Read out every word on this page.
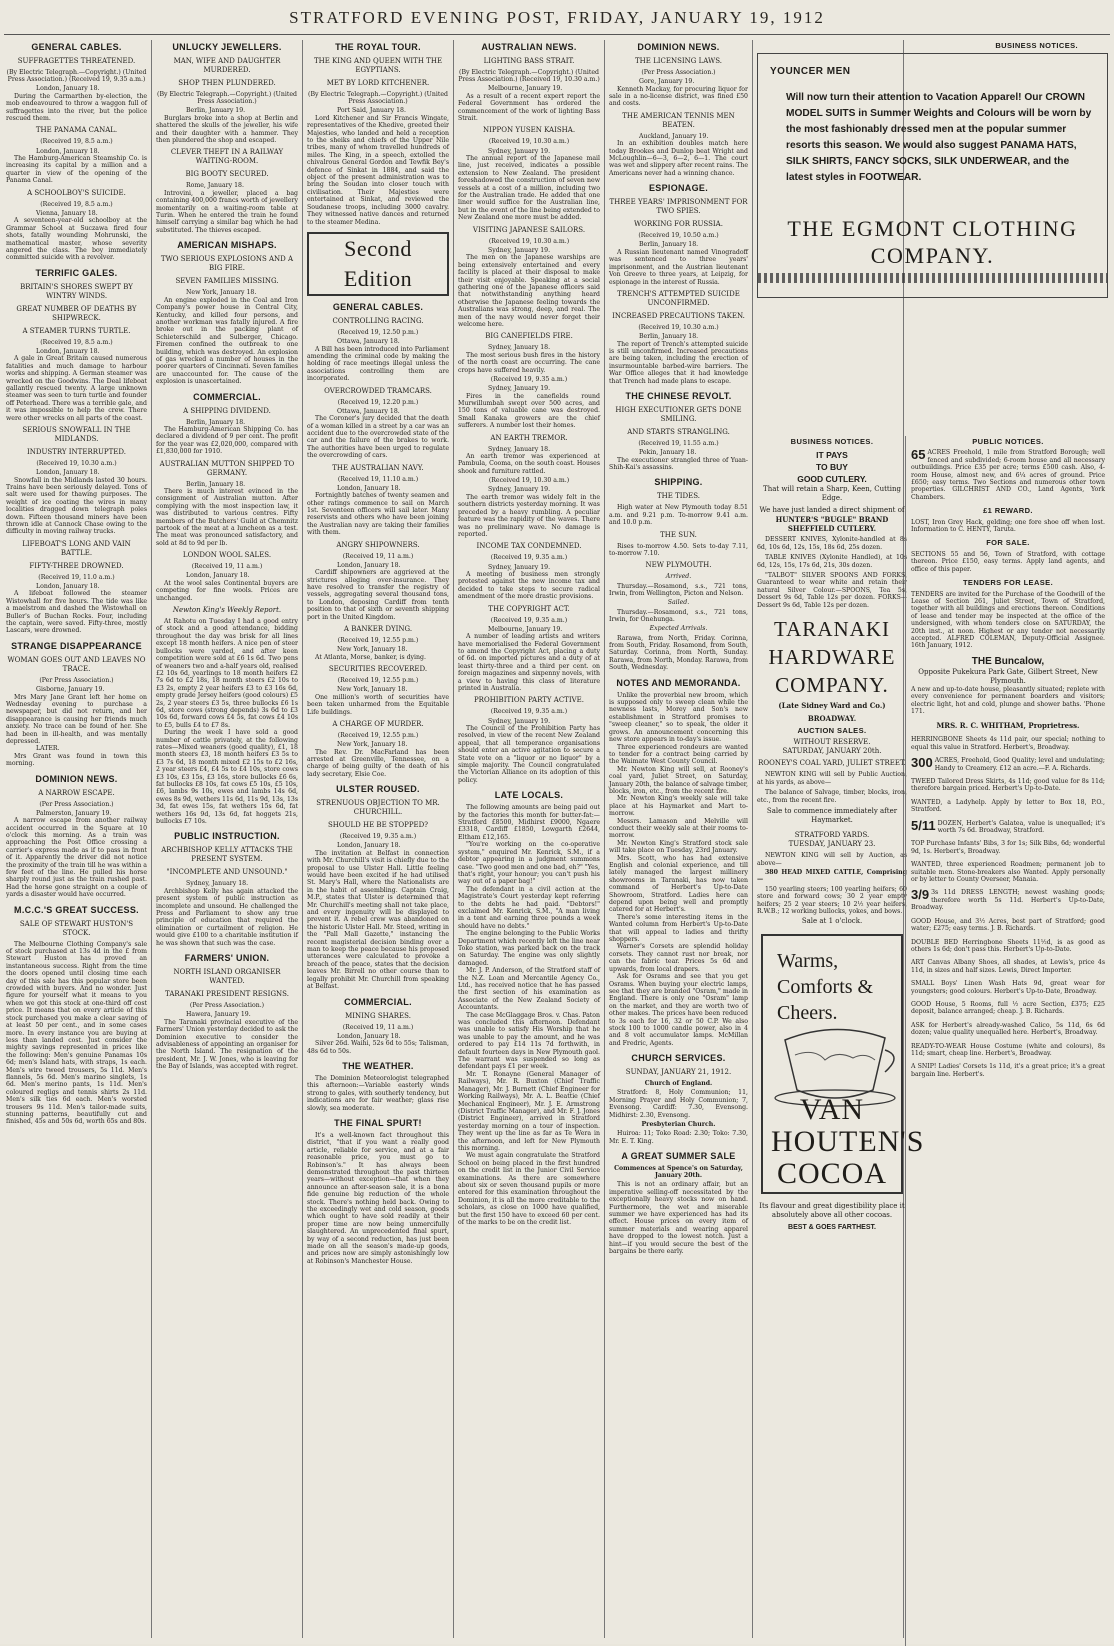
STRATFORD EVENING POST, FRIDAY, JANUARY 19, 1912
GENERAL CABLES.
SUFFRAGETTES THREATENED.
(By Electric Telegraph.—Copyright.) (United Press Association.) (Received 19, 9.35 a.m.)
London, January 18.
During the Carmarthen by-election, the mob endeavoured to throw a waggon full of suffragettes into the river, but the police rescued them.
THE PANAMA CANAL.
(Received 19, 8.5 a.m.)
London, January 18.
The Hamburg-American Steamship Co. is increasing its capital by a million and a quarter in view of the opening of the Panama Canal.
A SCHOOLBOY'S SUICIDE.
(Received 19, 8.5 a.m.)
Vienna, January 18.
A seventeen-year-old schoolboy at the Grammar School at Suczawa fired four shots, fatally wounding Mohrunski, the mathematical master, whose severity angered the class. The boy immediately committed suicide with a revolver.
TERRIFIC GALES.
BRITAIN'S SHORES SWEPT BY WINTRY WINDS.
GREAT NUMBER OF DEATHS BY SHIPWRECK.
A STEAMER TURNS TURTLE.
(Received 19, 8.5 a.m.)
London, January 18.
A gale in Great Britain caused numerous fatalities and much damage to harbour works and shipping. A German steamer was wrecked on the Goodwins. The Deal lifeboat gallantly rescued twenty. A large unknown steamer was seen to turn turtle and founder off Peterhead. There was a terrible gale, and it was impossible to help the crew. There were other wrecks on all parts of the coast.
SERIOUS SNOWFALL IN THE MIDLANDS.
INDUSTRY INTERRUPTED.
(Received 19, 10.30 a.m.)
London, January 18.
Snowfall in the Midlands lasted 30 hours. Trains have been seriously delayed. Tons of salt were used for thawing purposes. The weight of ice coating the wires in many localities dragged down telegraph poles down. Fifteen thousand miners have been thrown idle at Cannock Chase owing to the difficulty in moving railway trucks.
LIFEBOAT'S LONG AND VAIN BATTLE.
FIFTY-THREE DROWNED.
(Received 19, 11.0 a.m.)
London, January 18.
A lifeboat followed the steamer Wistowhall for five hours. The tide was like a maelstrom and dashed the Wistowhall on Buller's of Buchan Rocks. Four, including the captain, were saved. Fifty-three, mostly Lascars, were drowned.
STRANGE DISAPPEARANCE
WOMAN GOES OUT AND LEAVES NO TRACE.
(Per Press Association.)
Gisborne, January 19.
Mrs Mary Jane Grant left her home on Wednesday evening to purchase a newspaper, but did not return, and her disappearance is causing her friends much anxiety. No trace can be found of her. She had been in ill-health, and was mentally depressed.
LATER.
Mrs Grant was found in town this morning.
DOMINION NEWS.
A NARROW ESCAPE.
(Per Press Association.)
Palmerston, January 19.
A narrow escape from another railway accident occurred in the Square at 10 o'clock this morning. As a train was approaching the Post Office crossing a carrier's express made as if to pass in front of it. Apparently the driver did not notice the proximity of the train till he was within a few feet of the line. He pulled his horse sharply round just as the train rushed past. Had the horse gone straight on a couple of yards a disaster would have occurred.
M.C.C.'S GREAT SUCCESS.
SALE OF STEWART HUSTON'S STOCK.
The Melbourne Clothing Company's sale of stock purchased at 13s 4d in the £ from Stewart Huston has proved an instantaneous success. Right from the time the doors opened until closing time each day of this sale has this popular store been crowded with buyers. And no wonder. Just figure for yourself what it means to you when we got this stock at one-third off cost price. It means that on every article of this stock purchased you make a clear saving of at least 50 per cent., and in some cases more. In every instance you are buying at less than landed cost. Just consider the mighty savings represented in prices like the following: Men's genuine Panamas 10s 6d; men's Island hats, with straps, 1s each. Men's wire tweed trousers, 5s 11d. Men's flannels, 5s 6d. Men's marino singlets, 1s 6d. Men's merino pants, 1s 11d. Men's coloured regligs and tennis shirts 2s 11d. Men's silk ties 6d each. Men's worsted trousers 9s 11d. Men's tailor-made suits, stunning patterns, beautifully cut and finished, 45s and 50s 6d, worth 65s and 80s.
UNLUCKY JEWELLERS.
MAN, WIFE AND DAUGHTER MURDERED.
SHOP THEN PLUNDERED.
(By Electric Telegraph.—Copyright.) (United Press Association.)
Berlin, January 19.
Burglars broke into a shop at Berlin and shattered the skulls of the jeweller, his wife and their daughter with a hammer. They then plundered the shop and escaped.
CLEVER THEFT IN A RAILWAY WAITING-ROOM.
BIG BOOTY SECURED.
Rome, January 18.
Introvini, a jeweller, placed a bag containing 400,000 francs worth of jewellery momentarily on a waiting-room table at Turin. When he entered the train he found himself carrying a similar bag which he had substituted. The thieves escaped.
AMERICAN MISHAPS.
TWO SERIOUS EXPLOSIONS AND A BIG FIRE.
SEVEN FAMILIES MISSING.
New York, January 18.
An engine exploded in the Coal and Iron Company's power house in Central City, Kentucky, and killed four persons, and another workman was fatally injured. A fire broke out in the packing plant of Schieterschild and Sulberger, Chicago. Firemen confined the outbreak to one building, which was destroyed. An explosion of gas wrecked a number of houses in the poorer quarters of Cincinnati. Seven families are unaccounted for. The cause of the explosion is unascertained.
COMMERCIAL.
A SHIPPING DIVIDEND.
Berlin, January 18.
The Hamburg-American Shipping Co. has declared a dividend of 9 per cent. The profit for the year was £2,020,000, compared with £1,830,000 for 1910.
AUSTRALIAN MUTTON SHIPPED TO GERMANY.
Berlin, January 18.
There is much interest evinced in the consignment of Australian mutton. After complying with the most inspection law, it was distributed to various centres. Fifty members of the Butchers' Guild at Chemnitz partook of the meat at a luncheon as a test. The meat was pronounced satisfactory, and sold at 8d to 9d per lb.
LONDON WOOL SALES.
(Received 19, 11 a.m.)
London, January 18.
At the wool sales Continental buyers are competing for fine wools. Prices are unchanged.
Newton King's Weekly Report.
At Rahotu on Tuesday I had a good entry of stock and a good attendance, bidding throughout the day was brisk for all lines except 18 month heifers. A nice pen of steer bullocks were yarded, and after keen competition were sold at £6 1s 6d. Two pens of weaners two and a-half years old, realised £2 10s 6d, yearlings to 18 month heifers £2 7s 6d to £2 18s, 18 month steers £2 10s to £3 2s, empty 2 year heifers £3 to £3 16s 6d, empty grade Jersey heifers (good colours) £5 2s, 2 year steers £3 5s, three bullocks £6 1s 6d, store cows (strong depends) 3s 6d to £3 10s 6d, forward cows £4 5s, fat cows £4 10s to £5, bulls £4 to £7 8s.
During the week I have sold a good number of cattle privately, at the following rates—Mixed weaners (good quality), £1, 18 month steers £3, 18 month heifers £3 5s to £3 7s 6d, 18 month mixed £2 15s to £2 16s, 2 year steers £4, £4 5s to £4 10s, store cows £3 10s, £3 15s, £3 16s, store bullocks £6 6s, fat bullocks £8 10s, fat cows £5 10s, £5 10s, £6, lambs 9s 10s, ewes and lambs 14s 6d, ewes 8s 9d, wethers 11s 6d, 11s 9d, 13s, 13s 3d, fat ewes 15s, fat wethers 15s 6d, fat wethers 16s 9d, 13s 6d, fat hoggets 21s, bullocks £7 10s.
PUBLIC INSTRUCTION.
ARCHBISHOP KELLY ATTACKS THE PRESENT SYSTEM.
"INCOMPLETE AND UNSOUND."
Sydney, January 18.
Archbishop Kelly has again attacked the present system of public instruction as incomplete and unsound. He challenged the Press and Parliament to show any true principle of education that required the elimination or curtailment of religion. He would give £100 to a charitable institution if he was shown that such was the case.
FARMERS' UNION.
NORTH ISLAND ORGANISER WANTED.
TARANAKI PRESIDENT RESIGNS.
(Per Press Association.)
Hawera, January 19.
The Taranaki provincial executive of the Farmers' Union yesterday decided to ask the Dominion executive to consider the advisableness of appointing an organiser for the North Island. The resignation of the president, Mr. J. W. Jones, who is leaving for the Bay of Islands, was accepted with regret.
THE ROYAL TOUR.
THE KING AND QUEEN WITH THE EGYPTIANS.
MET BY LORD KITCHENER.
(By Electric Telegraph.—Copyright.) (United Press Association.)
Port Said, January 18.
Lord Kitchener and Sir Francis Wingate, representatives of the Khedive, greeted their Majesties, who landed and held a reception to the sheiks and chiefs of the Upper Nile tribes, many of whom travelled hundreds of miles. The King, in a speech, extolled the chivalrous General Gordon and Tewfik Bey's defence of Sinkat in 1884, and said the object of the present administration was to bring the Soudan into closer touch with civilisation. Their Majesties were entertained at Sinkat, and reviewed the Soudanese troops, including 3000 cavalry. They witnessed native dances and returned to the steamer Medina.
Second Edition
GENERAL CABLES.
CONTROLLING RACING.
(Received 19, 12.50 p.m.)
Ottawa, January 18.
A Bill has been introduced into Parliament amending the criminal code by making the holding of race meetings illegal unless the associations controlling them are incorporated.
OVERCROWDED TRAMCARS.
(Received 19, 12.20 p.m.)
Ottawa, January 18.
The Coroner's jury decided that the death of a woman killed in a street by a car was an accident due to the overcrowded state of the car and the failure of the brakes to work. The authorities have been urged to regulate the overcrowding of cars.
THE AUSTRALIAN NAVY.
(Received 19, 11.10 a.m.)
London, January 18.
Fortnightly batches of twenty seamen and other ratings commence to sail on March 1st. Seventeen officers will sail later. Many reservists and others who have been joining the Australian navy are taking their families with them.
ANGRY SHIPOWNERS.
(Received 19, 11 a.m.)
London, January 18.
Cardiff shipowners are aggrieved at the strictures alleging over-insurance. They have resolved to transfer the registry of vessels, aggregating several thousand tons, to London, deposing Cardiff from tenth position to that of sixth or seventh shipping port in the United Kingdom.
A BANKER DYING.
(Received 19, 12.55 p.m.)
New York, January 18.
At Atlanta, Morse, banker, is dying.
SECURITIES RECOVERED.
(Received 19, 12.55 p.m.)
New York, January 18.
One million's worth of securities have been taken unharmed from the Equitable Life buildings.
A CHARGE OF MURDER.
(Received 19, 12.55 p.m.)
New York, January 18.
The Rev. Dr. MacFarland has been arrested at Greenville, Tennessee, on a charge of being guilty of the death of his lady secretary, Elsie Coe.
ULSTER ROUSED.
STRENUOUS OBJECTION TO MR. CHURCHILL.
SHOULD HE BE STOPPED?
(Received 19, 9.35 a.m.)
London, January 18.
The invitation at Belfast in connection with Mr. Churchill's visit is chiefly due to the proposal to use Ulster Hall. Little feeling would have been excited if he had utilised St. Mary's Hall, where the Nationalists are in the habit of assembling. Captain Craig, M.P., states that Ulster is determined that Mr. Churchill's meeting shall not take place, and every ingenuity will be displayed to prevent it. A rebel crew was abandoned on the historic Ulster Hall. Mr. Steed, writing in the "Pall Mall Gazette," instancing the recent magisterial decision binding over a man to keep the peace because his proposed utterances were calculated to provoke a breach of the peace, states that the decision leaves Mr. Birrell no other course than to legally prohibit Mr. Churchill from speaking at Belfast.
COMMERCIAL.
MINING SHARES.
(Received 19, 11 a.m.)
London, January 18.
Silver 26d. Waihi, 52s 6d to 55s; Talisman, 48s 6d to 50s.
THE WEATHER.
The Dominion Meteorologist telegraphed this afternoon:—Variable easterly winds strong to gales, with southerly tendency, but indications are for fair weather; glass rise slowly, sea moderate.
THE FINAL SPURT!
It's a well-known fact throughout this district, "that if you want a really good article, reliable for service, and at a fair reasonable price, you must go to Robinson's." It has always been demonstrated throughout the past thirteen years—without exception—that when they announce an after-season sale, it is a bona fide genuine big reduction of the whole stock. There's nothing held back. Owing to the exceedingly wet and cold season, goods which ought to have sold readily at their proper time are now being unmercifully slaughtered. An unprecedented final spurt, by way of a second reduction, has just been made on all the season's made-up goods, and prices now are simply astonishingly low at Robinson's Manchester House.
AUSTRALIAN NEWS.
LIGHTING BASS STRAIT.
(By Electric Telegraph.—Copyright.) (United Press Association.) (Received 19, 10.30 a.m.)
Melbourne, January 19.
As a result of a recent expert report the Federal Government has ordered the commencement of the work of lighting Bass Strait.
NIPPON YUSEN KAISHA.
(Received 19, 10.30 a.m.)
Sydney, January 19.
The annual report of the Japanese mail line, just received, indicates a possible extension to New Zealand. The president foreshadowed the construction of seven new vessels at a cost of a million, including two for the Australian trade. He added that one liner would suffice for the Australian line, but in the event of the line being extended to New Zealand one more must be added.
VISITING JAPANESE SAILORS.
(Received 19, 10.30 a.m.)
Sydney, January 19.
The men on the Japanese warships are being extensively entertained and every facility is placed at their disposal to make their visit enjoyable. Speaking at a social gathering one of the Japanese officers said that notwithstanding anything heard otherwise the Japanese feeling towards the Australians was strong, deep, and real. The men of the navy would never forget their welcome here.
BIG CANEFIELDS FIRE.
Sydney, January 18.
The most serious bush fires in the history of the north coast are occurring. The cane crops have suffered heavily.
(Received 19, 9.35 a.m.)
Sydney, January 19.
Fires in the canefields round Murwillumbah swept over 500 acres, and 150 tons of valuable cane was destroyed. Small Kanaka growers are the chief sufferers. A number lost their homes.
AN EARTH TREMOR.
Sydney, January 18.
An earth tremor was experienced at Pambula, Cooma, on the south coast. Houses shook and furniture rattled.
(Received 19, 10.30 a.m.)
Sydney, January 19.
The earth tremor was widely felt in the southern districts yesterday morning. It was preceded by a heavy rumbling. A peculiar feature was the rapidity of the waves. There was no preliminary wave. No damage is reported.
INCOME TAX CONDEMNED.
(Received 19, 9.35 a.m.)
Sydney, January 19.
A meeting of business men strongly protested against the new income tax and decided to take steps to secure radical amendment of the more drastic provisions.
THE COPYRIGHT ACT.
(Received 19, 9.35 a.m.)
Melbourne, January 19.
A number of leading artists and writers have memorialised the Federal Government to amend the Copyright Act, placing a duty of 6d. on imported pictures and a duty of at least thirty-three and a third per cent. on foreign magazines and sixpenny novels, with a view to having this class of literature printed in Australia.
PROHIBITION PARTY ACTIVE.
(Received 19, 9.35 a.m.)
Sydney, January 19.
The Council of the Prohibition Party has resolved, in view of the recent New Zealand appeal, that all temperance organisations should enter an active agitation to secure a State vote on a "liquor or no liquor" by a simple majority. The Council congratulated the Victorian Alliance on its adoption of this policy.
LATE LOCALS.
The following amounts are being paid out by the factories this month for butter-fat:—Stratford £8500, Midhirst £9000, Ngaere £3318, Cardiff £1850, Lowgarth £2644, Eltham £12,165.
"You're working on the co-operative system," enquired Mr. Kenrick, S.M., if a debtor appearing in a judgment summons case. "Two good men and one bad, eh?" "Yes, that's right, your honour; you can't push his way out of a paper bag!"
The defendant in a civil action at the Magistrate's Court yesterday kept referring to the debts he had paid. "Debtors!" exclaimed Mr. Kenrick, S.M., "A man living in a tent and earning three pounds a week should have no debts."
The engine belonging to the Public Works Department which recently left the line near Toko station, was parked back on the track on Saturday. The engine was only slightly damaged.
Mr. J. P. Anderson, of the Stratford staff of the N.Z. Loan and Mercantile Agency Co., Ltd., has received notice that he has passed the first section of his examination as Associate of the New Zealand Society of Accountants.
The case McGlaggage Bros. v. Chas. Paton was concluded this afternoon. Defendant was unable to satisfy His Worship that he was unable to pay the amount, and he was ordered to pay £14 11s 7d forthwith, in default fourteen days in New Plymouth gaol. The warrant was suspended so long as defendant pays £1 per week.
Mr. T. Ronayne (General Manager of Railways), Mr. R. Buxton (Chief Traffic Manager), Mr. J. Burnett (Chief Engineer for Working Railways), Mr. A. L. Beattie (Chief Mechanical Engineer), Mr. J. E. Armstrong (District Traffic Manager), and Mr. F. J. Jones (District Engineer), arrived in Stratford yesterday morning on a tour of inspection. They went up the line as far as Te Wera in the afternoon, and left for New Plymouth this morning.
We must again congratulate the Stratford School on being placed in the first hundred on the credit list in the Junior Civil Service examinations. As there are somewhere about six or seven thousand pupils or more entered for this examination throughout the Dominion, it is all the more creditable to the scholars, as close on 1000 have qualified, but the first 150 have to exceed 60 per cent. of the marks to be on the credit list.
DOMINION NEWS.
THE LICENSING LAWS.
(Per Press Association.)
Gore, January 19.
Kenneth Mackay, for procuring liquor for sale in a no-license district, was fined £50 and costs.
THE AMERICAN TENNIS MEN BEATEN.
Auckland, January 19.
In an exhibition doubles match here today Brookes and Dunlop beat Wright and McLoughlin—6—3, 6—2, 6—1. The court was wet and slippery after recent rains. The Americans never had a winning chance.
ESPIONAGE.
THREE YEARS' IMPRISONMENT FOR TWO SPIES.
WORKING FOR RUSSIA.
(Received 19, 10.50 a.m.)
Berlin, January 18.
A Russian lieutenant named Vinogradoff was sentenced to three years' imprisonment, and the Austrian lieutenant Von Greeve to three years, at Leipzig, for espionage in the interest of Russia.
TRENCH'S ATTEMPTED SUICIDE UNCONFIRMED.
INCREASED PRECAUTIONS TAKEN.
(Received 19, 10.30 a.m.)
Berlin, January 18.
The report of Trench's attempted suicide is still unconfirmed. Increased precautions are being taken, including the erection of insurmountable barbed-wire barriers. The War Office alleges that it had knowledge that Trench had made plans to escape.
THE CHINESE REVOLT.
HIGH EXECUTIONER GETS DONE SMILING.
AND STARTS STRANGLING.
(Received 19, 11.55 a.m.)
Pekin, January 18.
The executioner strangled three of Yuan-Shih-Kai's assassins.
SHIPPING.
THE TIDES.
High water at New Plymouth today 8.51 a.m. and 9.21 p.m. To-morrow 9.41 a.m. and 10.0 p.m.
THE SUN.
Rises to-morrow 4.50. Sets to-day 7.11, to-morrow 7.10.
NEW PLYMOUTH.
Arrived.
Thursday.—Rosamond, s.s., 721 tons, Irwin, from Wellington, Picton and Nelson.
Sailed.
Thursday.—Rosamond, s.s., 721 tons, Irwin, for Onehunga.
Expected Arrivals.
Rarawa, from North, Friday. Corinna, from South, Friday. Rosamond, from South, Saturday. Corinna, from North, Sunday. Rarawa, from North, Monday. Rarawa, from South, Wednesday.
NOTES AND MEMORANDA.
Unlike the proverbial new broom, which is supposed only to sweep clean while the newness lasts, Morey and Son's new establishment in Stratford promises to "sweep cleaner," so to speak, the older it grows. An announcement concerning this new store appears in to-day's issue.
Three experienced rondeurs are wanted to tender for a contract being carried by the Waimate West County Council.
Mr. Newton King will sell, at Rooney's coal yard, Juliet Street, on Saturday, January 20th, the balance of salvage timber, blocks, iron, etc., from the recent fire.
Mr. Newton King's weekly sale will take place at his Haymarket and Mart to-morrow.
Messrs. Lamason and Melville will conduct their weekly sale at their rooms to-morrow.
Mr. Newton King's Stratford stock sale will take place on Tuesday, 23rd January.
Mrs. Scott, who has had extensive English and colonial experience, and till lately managed the largest millinery showrooms in Taranaki, has now taken command of Herbert's Up-to-Date Showroom, Stratford. Ladies here can depend upon being well and promptly catered for at Herbert's.
There's some interesting items in the Wanted column from Herbert's Up-to-Date that will appeal to ladies and thrifty shoppers.
Warner's Corsets are splendid holiday corsets. They cannot rust nor break, nor can the fabric tear. Prices 5s 6d and upwards, from local drapers.
Ask for Osrams and see that you get Osrams. When buying your electric lamps, see that they are branded "Osram," made in England. There is only one "Osram" lamp on the market, and they are worth two of other makes. The prices have been reduced to 3s each for 16, 32 or 50 C.P. We also stock 100 to 1000 candle power, also in 4 and 8 volt accumulator lamps. McMillan and Fredric, Agents.
CHURCH SERVICES.
SUNDAY, JANUARY 21, 1912.
Church of England.
Stratford: 8, Holy Communion; 11, Morning Prayer and Holy Communion; 7, Evensong. Cardiff: 7.30, Evensong. Midhirst: 2.30, Evensong.
Presbyterian Church.
Huiroa: 11; Toko Road: 2.30; Toko: 7.30, Mr. E. T. King.
A GREAT SUMMER SALE
Commences at Spence's on Saturday, January 20th.
This is not an ordinary affair, but an imperative selling-off necessitated by the exceptionally heavy stocks now on hand. Furthermore, the wet and miserable summer we have experienced has had its effect. House prices on every item of summer materials and wearing apparel have dropped to the lowest notch. Just a hint—if you would secure the best of the bargains be there early.
BUSINESS NOTICES.
YOUNCER MEN
Will now turn their attention to Vacation Apparel! Our CROWN MODEL SUITS in Summer Weights and Colours will be worn by the most fashionably dressed men at the popular summer resorts this season. We would also suggest PANAMA HATS, SILK SHIRTS, FANCY SOCKS, SILK UNDERWEAR, and the latest styles in FOOTWEAR.
THE EGMONT CLOTHING
COMPANY.
BUSINESS NOTICES.
IT PAYS
TO BUY
GOOD CUTLERY.
That will retain a Sharp, Keen, Cutting Edge.
We have just landed a direct shipment of
HUNTER'S "BUGLE" BRAND SHEFFIELD CUTLERY.
DESSERT KNIVES, Xylonite-handled at 8s 6d, 10s 6d, 12s, 15s, 18s 6d, 25s dozen.
TABLE KNIVES (Xylonite Handled), at 10s 6d, 12s, 15s, 17s 6d, 21s, 30s dozen.
"TALBOT" SILVER SPOONS AND FORKS, Guaranteed to wear white and retain their natural Silver Colour.—SPOONS, Tea 5s, Dessert 9s 6d, Table 12s per dozen. FORKS—Dessert 9s 6d, Table 12s per dozen.
TARANAKI
HARDWARE
COMPANY.
(Late Sidney Ward and Co.)
BROADWAY.
AUCTION SALES.
WITHOUT RESERVE.
SATURDAY, JANUARY 20th.
ROONEY'S COAL YARD, JULIET STREET.
NEWTON KING will sell by Public Auction, at his yards, as above—
The balance of Salvage, timber, blocks, iron, etc., from the recent fire.
Sale to commence immediately after Haymarket.
STRATFORD YARDS.
TUESDAY, JANUARY 23.
NEWTON KING will sell by Auction, as above—
380 HEAD MIXED CATTLE, Comprising—
150 yearling steers; 100 yearling heifers; 60 store and forward cows; 30 2 year empty heifers; 25 2 year steers; 10 2½ year heifers, R.W.B.; 12 working bullocks, yokes, and bows.
Sale at 1 o'clock.
Warms,
Comforts &
Cheers.
VAN HOUTEN'S COCOA
Its flavour and great digestibility place it absolutely above all other cocoas.
BEST & GOES FARTHEST.
PUBLIC NOTICES.
65 ACRES Freehold, 1 mile from Stratford Borough; well fenced and subdivided; 6-room house and all necessary outbuildings. Price £35 per acre; terms £500 cash. Also, 4-room House, almost new, and 6¼ acres of ground. Price £650; easy terms. Two Sections and numerous other town properties. GILCHRIST AND CO., Land Agents, York Chambers.
£1 REWARD.
LOST, Iron Grey Hack, gelding; one fore shoe off when lost. Information to C. HENTY, Taruta.
FOR SALE.
SECTIONS 55 and 56, Town of Stratford, with cottage thereon. Price £150, easy terms. Apply land agents, and office of this paper.
TENDERS FOR LEASE.
TENDERS are invited for the Purchase of the Goodwill of the Lease of Section 261, Juliet Street, Town of Stratford, together with all buildings and erections thereon. Conditions of lease and tender may be inspected at the office of the undersigned, with whom tenders close on SATURDAY, the 20th inst., at noon. Highest or any tender not necessarily accepted. ALFRED COLEMAN, Deputy-Official Assignee. 16th January, 1912.
THE Buncalow,
Opposite Pukekura Park Gate, Gilbert Street, New Plymouth.
A new and up-to-date house, pleasantly situated; replete with every convenience for permanent boarders and visitors; electric light, hot and cold, plunge and shower baths. 'Phone 171.
MRS. R. C. WHITHAM, Proprietress.
HERRINGBONE Sheets 4s 11d pair, our special; nothing to equal this value in Stratford. Herbert's, Broadway.
300 ACRES, Freehold, Good Quality; level and undulating; Handy to Creamery. £12 an acre.—F. A. Richards.
TWEED Tailored Dress Skirts, 4s 11d; good value for 8s 11d; therefore bargain priced. Herbert's Up-to-Date.
WANTED, a Ladyhelp. Apply by letter to Box 18, P.O., Stratford.
5/11 DOZEN, Herbert's Galatea, value is unequalled; it's worth 7s 6d. Broadway, Stratford.
TOP Purchase Infants' Bibs, 3 for 1s; Silk Bibs, 6d; wonderful 9d, 1s. Herbert's, Broadway.
WANTED, three experienced Roadmen; permanent job to suitable men. Stone-breakers also Wanted. Apply personally or by letter to County Overseer, Manaia.
3/9 3s 11d DRESS LENGTH; newest washing goods; therefore worth 5s 11d. Herbert's Up-to-Date, Broadway.
GOOD House, and 3½ Acres, best part of Stratford; good water; £275; easy terms. J. B. Richards.
DOUBLE BED Herringbone Sheets 11½d, is as good as others 1s 6d; don't pass this. Herbert's Up-to-Date.
ART Canvas Albany Shoes, all shades, at Lewis's, price 4s 11d, in sizes and half sizes. Lewis, Direct Importer.
SMALL Boys' Linen Wash Hats 9d, great wear for youngsters; good colours. Herbert's Up-to-Date, Broadway.
GOOD House, 5 Rooms, full ½ acre Section, £375; £25 deposit, balance arranged; cheap. J. B. Richards.
ASK for Herbert's already-washed Calico, 5s 11d, 6s 6d dozen; value quality unequalled here. Herbert's, Broadway.
READY-TO-WEAR House Costume (white and colours), 8s 11d; smart, cheap line. Herbert's, Broadway.
A SNIP! Ladies' Corsets 1s 11d, it's a great price; it's a great bargain line. Herbert's.
